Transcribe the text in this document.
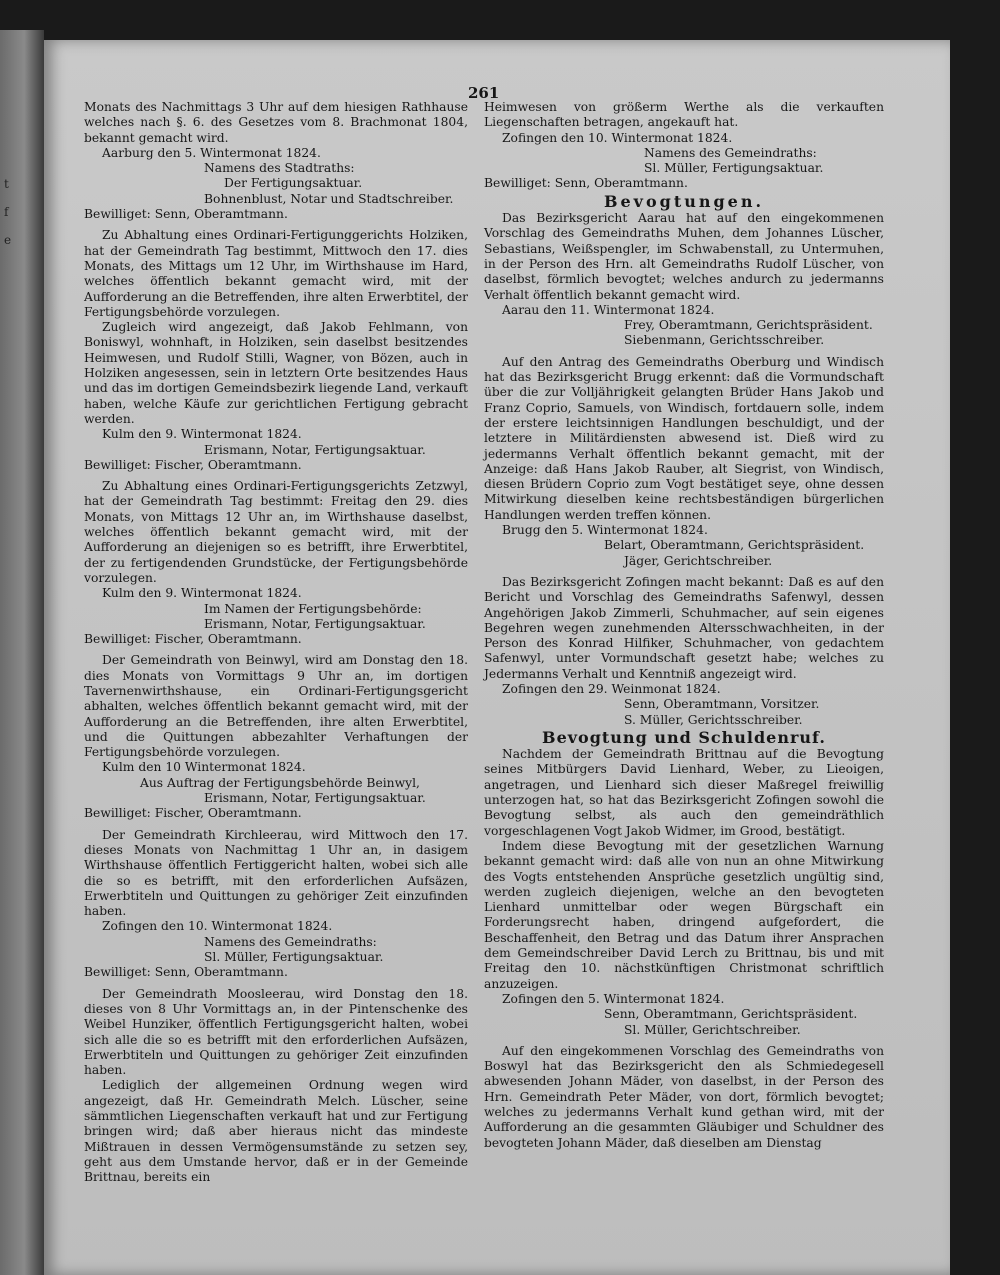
t
f
e
261

Monats des Nachmittags 3 Uhr auf dem hiesigen Rathhause welches nach §. 6. des Gesetzes vom 8. Brachmonat 1804, bekannt gemacht wird.

Aarburg den 5. Wintermonat 1824.

Namens des Stadtraths:

Der Fertigungsaktuar.

Bohnenblust, Notar und Stadtschreiber.

Bewilliget: Senn, Oberamtmann.

Zu Abhaltung eines Ordinari-Fertigunggerichts Holziken, hat der Gemeindrath Tag bestimmt, Mittwoch den 17. dies Monats, des Mittags um 12 Uhr, im Wirthshause im Hard, welches öffentlich bekannt gemacht wird, mit der Aufforderung an die Betreffenden, ihre alten Erwerbtitel, der Fertigungsbehörde vorzulegen.

Zugleich wird angezeigt, daß Jakob Fehlmann, von Boniswyl, wohnhaft, in Holziken, sein daselbst besitzendes Heimwesen, und Rudolf Stilli, Wagner, von Bözen, auch in Holziken angesessen, sein in letztern Orte besitzendes Haus und das im dortigen Gemeindsbezirk liegende Land, verkauft haben, welche Käufe zur gerichtlichen Fertigung gebracht werden.

Kulm den 9. Wintermonat 1824.

Erismann, Notar, Fertigungsaktuar.

Bewilliget: Fischer, Oberamtmann.

Zu Abhaltung eines Ordinari-Fertigungsgerichts Zetzwyl, hat der Gemeindrath Tag bestimmt: Freitag den 29. dies Monats, von Mittags 12 Uhr an, im Wirthshause daselbst, welches öffentlich bekannt gemacht wird, mit der Aufforderung an diejenigen so es betrifft, ihre Erwerbtitel, der zu fertigendenden Grundstücke, der Fertigungsbehörde vorzulegen.

Kulm den 9. Wintermonat 1824.

Im Namen der Fertigungsbehörde:

Erismann, Notar, Fertigungsaktuar.

Bewilliget: Fischer, Oberamtmann.

Der Gemeindrath von Beinwyl, wird am Donstag den 18. dies Monats von Vormittags 9 Uhr an, im dortigen Tavernenwirthshause, ein Ordinari-Fertigungsgericht abhalten, welches öffentlich bekannt gemacht wird, mit der Aufforderung an die Betreffenden, ihre alten Erwerbtitel, und die Quittungen abbezahlter Verhaftungen der Fertigungsbehörde vorzulegen.

Kulm den 10 Wintermonat 1824.

Aus Auftrag der Fertigungsbehörde Beinwyl,

Erismann, Notar, Fertigungsaktuar.

Bewilliget: Fischer, Oberamtmann.

Der Gemeindrath Kirchleerau, wird Mittwoch den 17. dieses Monats von Nachmittag 1 Uhr an, in dasigem Wirthshause öffentlich Fertiggericht halten, wobei sich alle die so es betrifft, mit den erforderlichen Aufsäzen, Erwerbtiteln und Quittungen zu gehöriger Zeit einzufinden haben.

Zofingen den 10. Wintermonat 1824.

Namens des Gemeindraths:

Sl. Müller, Fertigungsaktuar.

Bewilliget: Senn, Oberamtmann.

Der Gemeindrath Moosleerau, wird Donstag den 18. dieses von 8 Uhr Vormittags an, in der Pintenschenke des Weibel Hunziker, öffentlich Fertigungsgericht halten, wobei sich alle die so es betrifft mit den erforderlichen Aufsäzen, Erwerbtiteln und Quittungen zu gehöriger Zeit einzufinden haben.

Lediglich der allgemeinen Ordnung wegen wird angezeigt, daß Hr. Gemeindrath Melch. Lüscher, seine sämmtlichen Liegenschaften verkauft hat und zur Fertigung bringen wird; daß aber hieraus nicht das mindeste Mißtrauen in dessen Vermögensumstände zu setzen sey, geht aus dem Umstande hervor, daß er in der Gemeinde Brittnau, bereits ein

Heimwesen von größerm Werthe als die verkauften Liegenschaften betragen, angekauft hat.

Zofingen den 10. Wintermonat 1824.

Namens des Gemeindraths:

Sl. Müller, Fertigungsaktuar.

Bewilliget: Senn, Oberamtmann.

Bevogtungen.

Das Bezirksgericht Aarau hat auf den eingekommenen Vorschlag des Gemeindraths Muhen, dem Johannes Lüscher, Sebastians, Weißspengler, im Schwabenstall, zu Untermuhen, in der Person des Hrn. alt Gemeindraths Rudolf Lüscher, von daselbst, förmlich bevogtet; welches andurch zu jedermanns Verhalt öffentlich bekannt gemacht wird.

Aarau den 11. Wintermonat 1824.

Frey, Oberamtmann, Gerichtspräsident.

Siebenmann, Gerichtsschreiber.

Auf den Antrag des Gemeindraths Oberburg und Windisch hat das Bezirksgericht Brugg erkennt: daß die Vormundschaft über die zur Volljährigkeit gelangten Brüder Hans Jakob und Franz Coprio, Samuels, von Windisch, fortdauern solle, indem der erstere leichtsinnigen Handlungen beschuldigt, und der letztere in Militärdiensten abwesend ist. Dieß wird zu jedermanns Verhalt öffentlich bekannt gemacht, mit der Anzeige: daß Hans Jakob Rauber, alt Siegrist, von Windisch, diesen Brüdern Coprio zum Vogt bestätiget seye, ohne dessen Mitwirkung dieselben keine rechtsbeständigen bürgerlichen Handlungen werden treffen können.

Brugg den 5. Wintermonat 1824.

Belart, Oberamtmann, Gerichtspräsident.

Jäger, Gerichtschreiber.

Das Bezirksgericht Zofingen macht bekannt: Daß es auf den Bericht und Vorschlag des Gemeindraths Safenwyl, dessen Angehörigen Jakob Zimmerli, Schuhmacher, auf sein eigenes Begehren wegen zunehmenden Altersschwachheiten, in der Person des Konrad Hilfiker, Schuhmacher, von gedachtem Safenwyl, unter Vormundschaft gesetzt habe; welches zu Jedermanns Verhalt und Kenntniß angezeigt wird.

Zofingen den 29. Weinmonat 1824.

Senn, Oberamtmann, Vorsitzer.

S. Müller, Gerichtsschreiber.

Bevogtung und Schuldenruf.

Nachdem der Gemeindrath Brittnau auf die Bevogtung seines Mitbürgers David Lienhard, Weber, zu Lieoigen, angetragen, und Lienhard sich dieser Maßregel freiwillig unterzogen hat, so hat das Bezirksgericht Zofingen sowohl die Bevogtung selbst, als auch den gemeindräthlich vorgeschlagenen Vogt Jakob Widmer, im Grood, bestätigt.

Indem diese Bevogtung mit der gesetzlichen Warnung bekannt gemacht wird: daß alle von nun an ohne Mitwirkung des Vogts entstehenden Ansprüche gesetzlich ungültig sind, werden zugleich diejenigen, welche an den bevogteten Lienhard unmittelbar oder wegen Bürgschaft ein Forderungsrecht haben, dringend aufgefordert, die Beschaffenheit, den Betrag und das Datum ihrer Ansprachen dem Gemeindschreiber David Lerch zu Brittnau, bis und mit Freitag den 10. nächstkünftigen Christmonat schriftlich anzuzeigen.

Zofingen den 5. Wintermonat 1824.

Senn, Oberamtmann, Gerichtspräsident.

Sl. Müller, Gerichtschreiber.

Auf den eingekommenen Vorschlag des Gemeindraths von Boswyl hat das Bezirksgericht den als Schmiedegesell abwesenden Johann Mäder, von daselbst, in der Person des Hrn. Gemeindrath Peter Mäder, von dort, förmlich bevogtet; welches zu jedermanns Verhalt kund gethan wird, mit der Aufforderung an die gesammten Gläubiger und Schuldner des bevogteten Johann Mäder, daß dieselben am Dienstag
